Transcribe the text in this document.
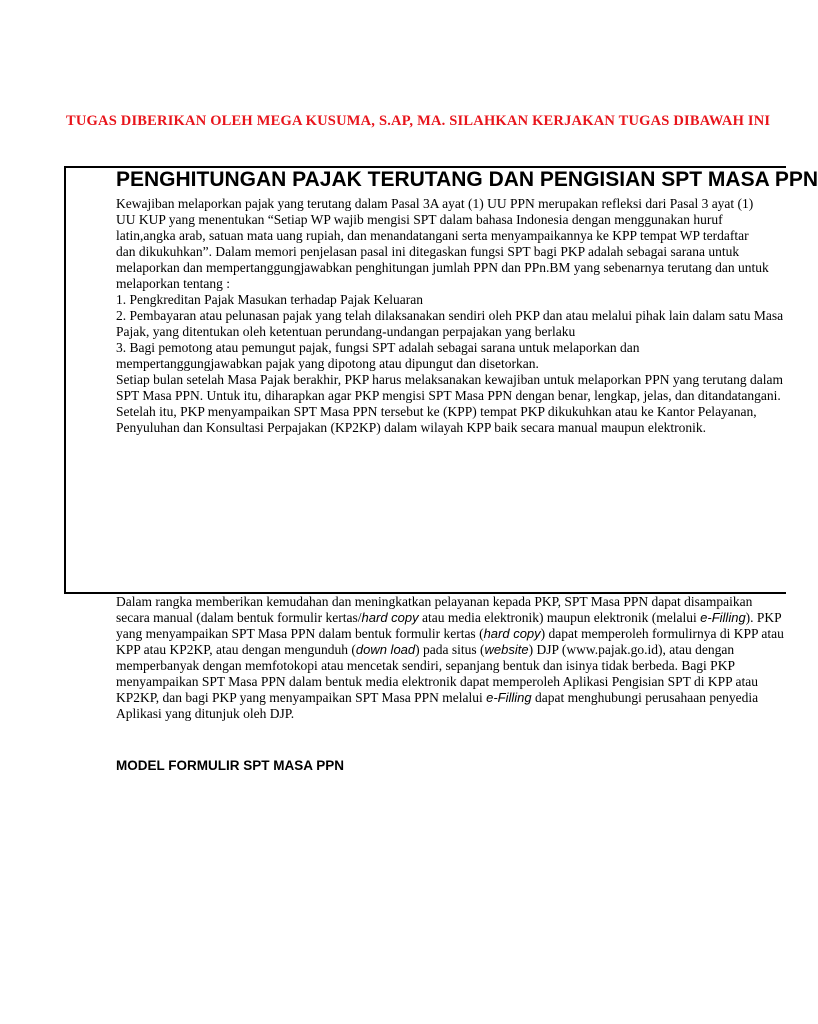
TUGAS DIBERIKAN OLEH MEGA KUSUMA, S.AP, MA. SILAHKAN KERJAKAN TUGAS DIBAWAH INI
PENGHITUNGAN PAJAK TERUTANG DAN PENGISIAN SPT MASA PPN
Kewajiban melaporkan pajak yang terutang dalam Pasal 3A ayat (1) UU PPN merupakan refleksi dari Pasal 3 ayat (1)
UU KUP yang menentukan “Setiap WP wajib mengisi SPT dalam bahasa Indonesia dengan menggunakan huruf
latin,angka arab, satuan mata uang rupiah, dan menandatangani serta menyampaikannya ke KPP tempat WP terdaftar
dan dikukuhkan”. Dalam memori penjelasan pasal ini ditegaskan fungsi SPT bagi PKP adalah sebagai sarana untuk
melaporkan dan mempertanggungjawabkan penghitungan jumlah PPN dan PPn.BM yang sebenarnya terutang dan untuk
melaporkan tentang :
1. Pengkreditan Pajak Masukan terhadap Pajak Keluaran
2. Pembayaran atau pelunasan pajak yang telah dilaksanakan sendiri oleh PKP dan atau melalui pihak lain dalam satu Masa
Pajak, yang ditentukan oleh ketentuan perundang-undangan perpajakan yang berlaku
3. Bagi pemotong atau pemungut pajak, fungsi SPT adalah sebagai sarana untuk melaporkan dan
mempertanggungjawabkan pajak yang dipotong atau dipungut dan disetorkan.
Setiap bulan setelah Masa Pajak berakhir, PKP harus melaksanakan kewajiban untuk melaporkan PPN yang terutang dalam
SPT Masa PPN. Untuk itu, diharapkan agar PKP mengisi SPT Masa PPN dengan benar, lengkap, jelas, dan ditandatangani.
Setelah itu, PKP menyampaikan SPT Masa PPN tersebut ke (KPP) tempat PKP dikukuhkan atau ke Kantor Pelayanan,
Penyuluhan dan Konsultasi Perpajakan (KP2KP) dalam wilayah KPP baik secara manual maupun elektronik.
Dalam rangka memberikan kemudahan dan meningkatkan pelayanan kepada PKP, SPT Masa PPN dapat disampaikan
secara manual (dalam bentuk formulir kertas/hard copy atau media elektronik) maupun elektronik (melalui e-Filling). PKP
yang menyampaikan SPT Masa PPN dalam bentuk formulir kertas (hard copy) dapat memperoleh formulirnya di KPP atau
KPP atau KP2KP, atau dengan mengunduh (down load) pada situs (website) DJP (www.pajak.go.id), atau dengan
memperbanyak dengan memfotokopi atau mencetak sendiri, sepanjang bentuk dan isinya tidak berbeda. Bagi PKP
menyampaikan SPT Masa PPN dalam bentuk media elektronik dapat memperoleh Aplikasi Pengisian SPT di KPP atau
KP2KP, dan bagi PKP yang menyampaikan SPT Masa PPN melalui e-Filling dapat menghubungi perusahaan penyedia
Aplikasi yang ditunjuk oleh DJP.
MODEL FORMULIR SPT MASA PPN
